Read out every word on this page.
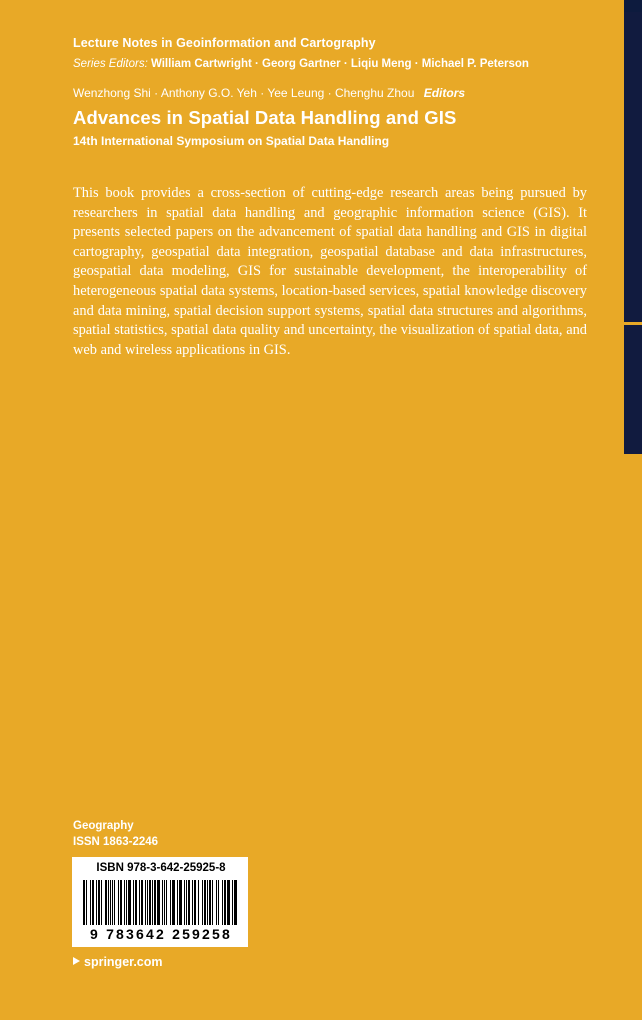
Lecture Notes in Geoinformation and Cartography
Series Editors: William Cartwright · Georg Gartner · Liqiu Meng · Michael P. Peterson
Wenzhong Shi · Anthony G.O. Yeh · Yee Leung · Chenghu Zhou Editors
Advances in Spatial Data Handling and GIS
14th International Symposium on Spatial Data Handling
This book provides a cross-section of cutting-edge research areas being pursued by researchers in spatial data handling and geographic information science (GIS). It presents selected papers on the advancement of spatial data handling and GIS in digital cartography, geospatial data integration, geospatial database and data infrastructures, geospatial data modeling, GIS for sustainable development, the interoperability of heterogeneous spatial data systems, location-based services, spatial knowledge discovery and data mining, spatial decision support systems, spatial data structures and algorithms, spatial statistics, spatial data quality and uncertainty, the visualization of spatial data, and web and wireless applications in GIS.
Geography
ISSN 1863-2246
ISBN 978-3-642-25925-8
9 783642 259258
springer.com
